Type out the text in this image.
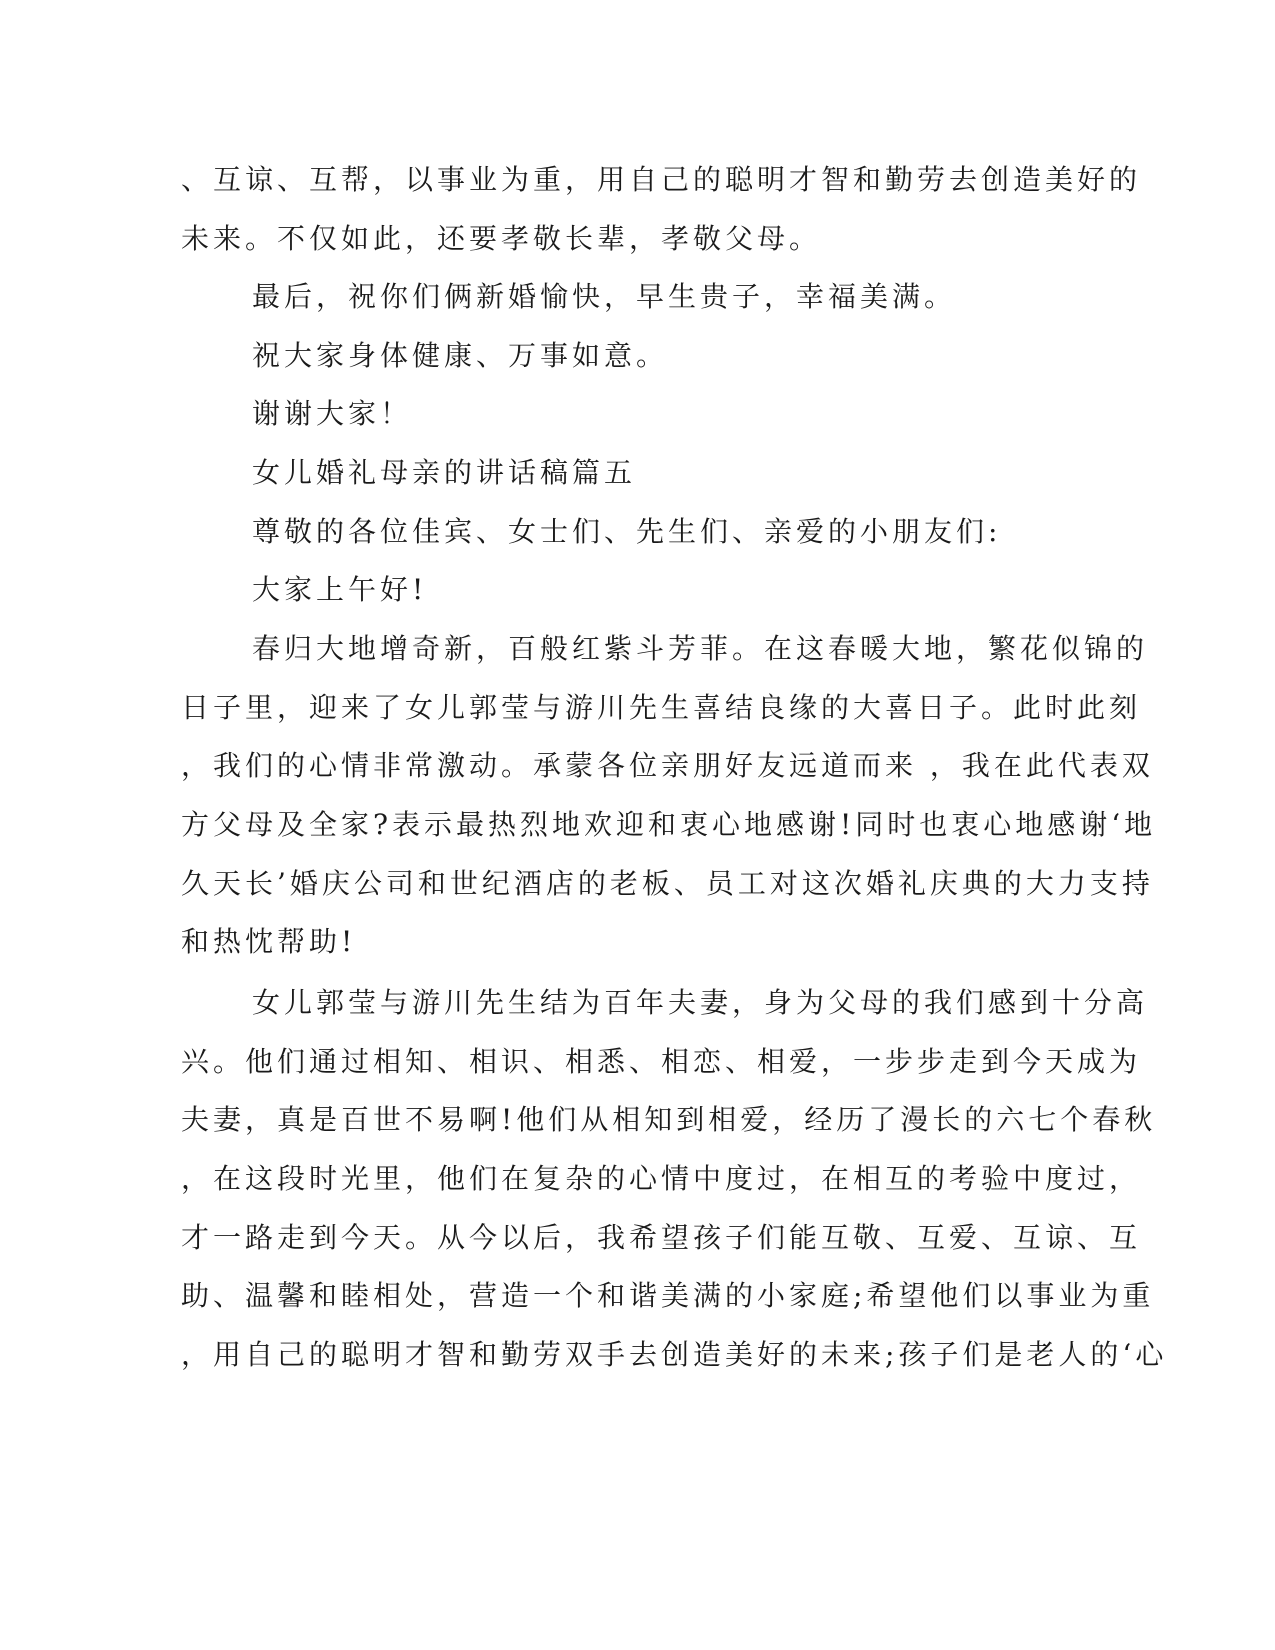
、互谅、互帮，以事业为重，用自己的聪明才智和勤劳去创造美好的
未来。不仅如此，还要孝敬长辈，孝敬父母。
最后，祝你们俩新婚愉快，早生贵子，幸福美满。
祝大家身体健康、万事如意。
谢谢大家！
女儿婚礼母亲的讲话稿篇五
尊敬的各位佳宾、女士们、先生们、亲爱的小朋友们:
大家上午好!
春归大地增奇新，百般红紫斗芳菲。在这春暖大地，繁花似锦的
日子里，迎来了女儿郭莹与游川先生喜结良缘的大喜日子。此时此刻
，我们的心情非常激动。承蒙各位亲朋好友远道而来 ，我在此代表双
方父母及全家?表示最热烈地欢迎和衷心地感谢!同时也衷心地感谢‘地
久天长’婚庆公司和世纪酒店的老板、员工对这次婚礼庆典的大力支持
和热忱帮助!
女儿郭莹与游川先生结为百年夫妻，身为父母的我们感到十分高
兴。他们通过相知、相识、相悉、相恋、相爱，一步步走到今天成为
夫妻，真是百世不易啊!他们从相知到相爱，经历了漫长的六七个春秋
，在这段时光里，他们在复杂的心情中度过，在相互的考验中度过，
才一路走到今天。从今以后，我希望孩子们能互敬、互爱、互谅、互
助、温馨和睦相处，营造一个和谐美满的小家庭;希望他们以事业为重
，用自己的聪明才智和勤劳双手去创造美好的未来;孩子们是老人的‘心
